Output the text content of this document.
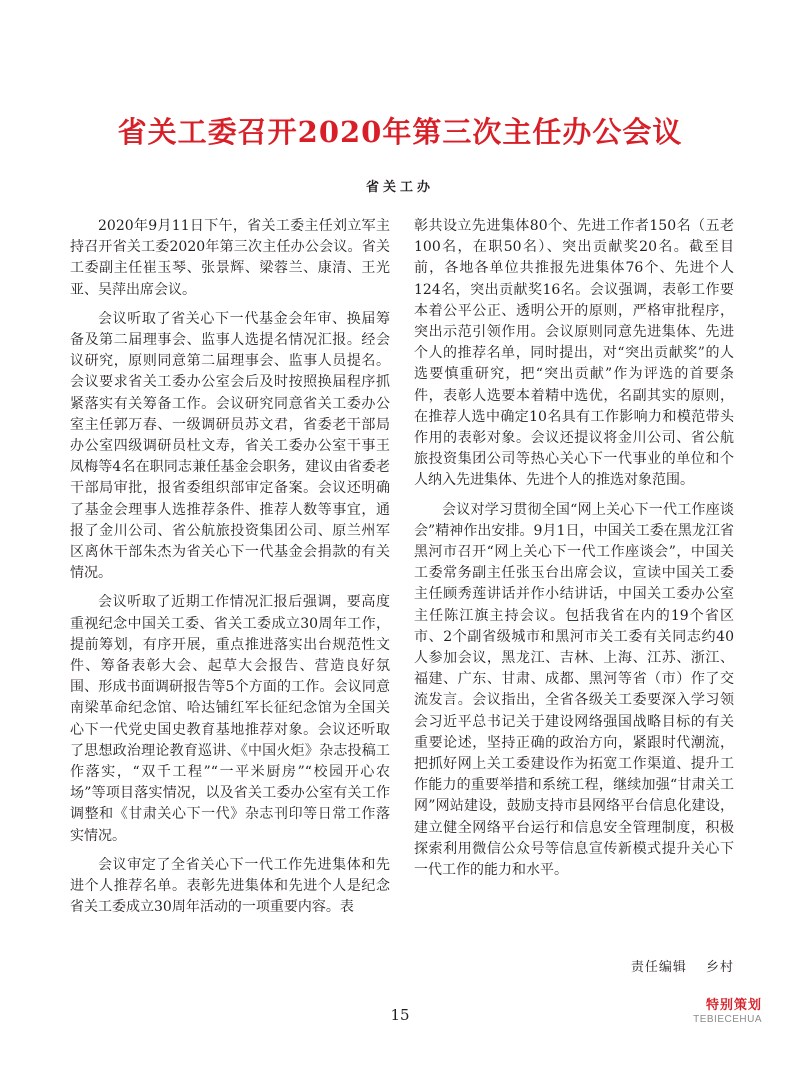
省关工委召开2020年第三次主任办公会议
省关工办

2020年9月11日下午，省关工委主任刘立军主持召开省关工委2020年第三次主任办公会议。省关工委副主任崔玉琴、张景辉、梁蓉兰、康清、王光亚、吴萍出席会议。

会议听取了省关心下一代基金会年审、换届筹备及第二届理事会、监事人选提名情况汇报。经会议研究，原则同意第二届理事会、监事人员提名。会议要求省关工委办公室会后及时按照换届程序抓紧落实有关筹备工作。会议研究同意省关工委办公室主任郭万春、一级调研员苏文君，省委老干部局办公室四级调研员杜文寿，省关工委办公室干事王凤梅等4名在职同志兼任基金会职务，建议由省委老干部局审批，报省委组织部审定备案。会议还明确了基金会理事人选推荐条件、推荐人数等事宜，通报了金川公司、省公航旅投资集团公司、原兰州军区离休干部朱杰为省关心下一代基金会捐款的有关情况。

会议听取了近期工作情况汇报后强调，要高度重视纪念中国关工委、省关工委成立30周年工作，提前筹划，有序开展，重点推进落实出台规范性文件、筹备表彰大会、起草大会报告、营造良好氛围、形成书面调研报告等5个方面的工作。会议同意南梁革命纪念馆、哈达铺红军长征纪念馆为全国关心下一代党史国史教育基地推荐对象。会议还听取了思想政治理论教育巡讲、《中国火炬》杂志投稿工作落实，“双千工程”“一平米厨房”“校园开心农场”等项目落实情况，以及省关工委办公室有关工作调整和《甘肃关心下一代》杂志刊印等日常工作落实情况。

会议审定了全省关心下一代工作先进集体和先进个人推荐名单。表彰先进集体和先进个人是纪念省关工委成立30周年活动的一项重要内容。表

彰共设立先进集体80个、先进工作者150名（五老100名，在职50名）、突出贡献奖20名。截至目前，各地各单位共推报先进集体76个、先进个人124名，突出贡献奖16名。会议强调，表彰工作要本着公平公正、透明公开的原则，严格审批程序，突出示范引领作用。会议原则同意先进集体、先进个人的推荐名单，同时提出，对“突出贡献奖”的人选要慎重研究，把“突出贡献”作为评选的首要条件，表彰人选要本着精中选优，名副其实的原则，在推荐人选中确定10名具有工作影响力和模范带头作用的表彰对象。会议还提议将金川公司、省公航旅投资集团公司等热心关心下一代事业的单位和个人纳入先进集体、先进个人的推选对象范围。

会议对学习贯彻全国“网上关心下一代工作座谈会”精神作出安排。9月1日，中国关工委在黑龙江省黑河市召开“网上关心下一代工作座谈会”，中国关工委常务副主任张玉台出席会议，宣读中国关工委主任顾秀莲讲话并作小结讲话，中国关工委办公室主任陈江旗主持会议。包括我省在内的19个省区市、2个副省级城市和黑河市关工委有关同志约40人参加会议，黑龙江、吉林、上海、江苏、浙江、福建、广东、甘肃、成都、黑河等省（市）作了交流发言。会议指出，全省各级关工委要深入学习领会习近平总书记关于建设网络强国战略目标的有关重要论述，坚持正确的政治方向，紧跟时代潮流，把抓好网上关工委建设作为拓宽工作渠道、提升工作能力的重要举措和系统工程，继续加强“甘肃关工网”网站建设，鼓励支持市县网络平台信息化建设，建立健全网络平台运行和信息安全管理制度，积极探索利用微信公众号等信息宣传新模式提升关心下一代工作的能力和水平。

责任编辑 乡村
15
特别策划
TEBIECEHUA
